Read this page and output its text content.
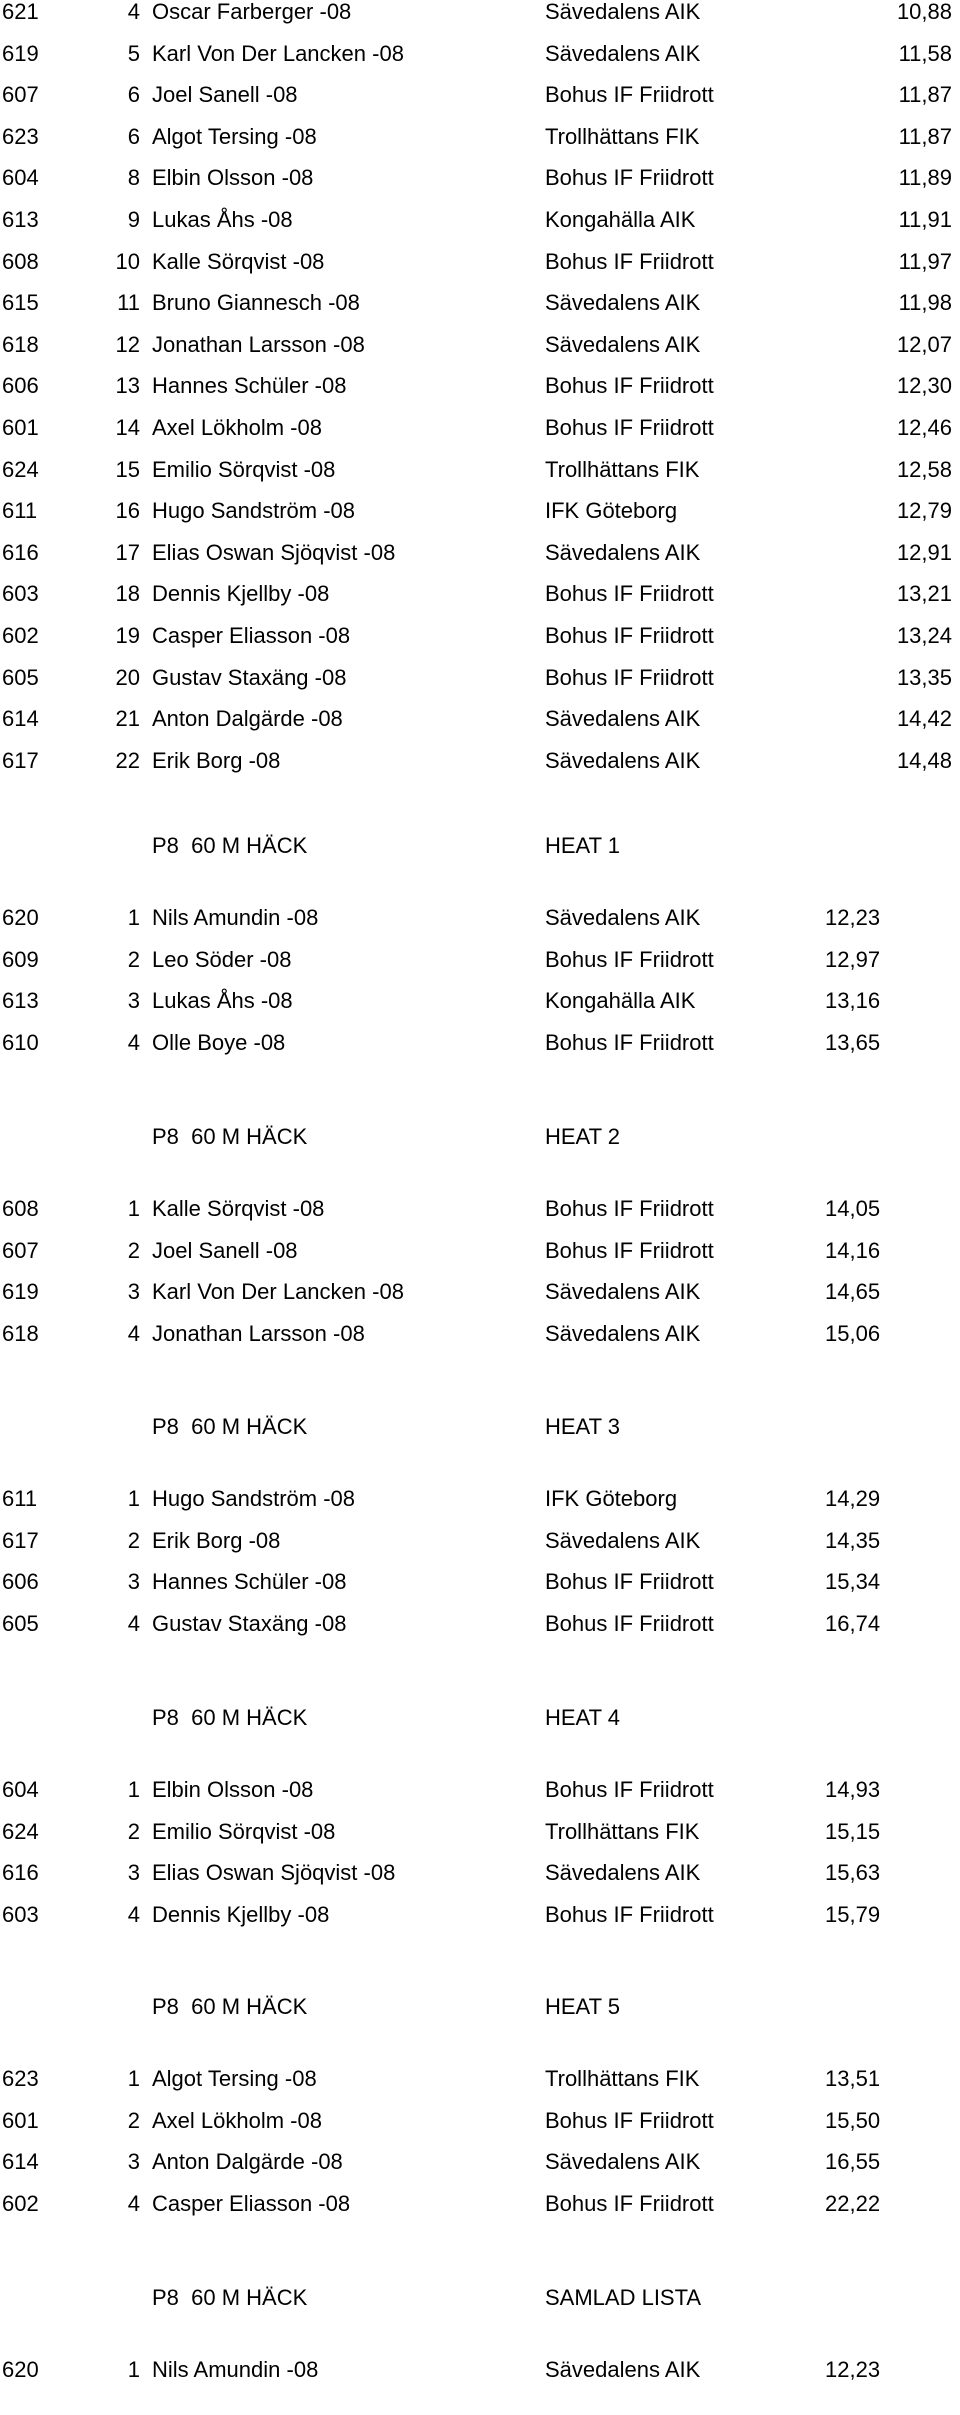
621	4 Oscar Farberger -08	Sävedalens AIK	10,88
619	5 Karl Von Der Lancken -08	Sävedalens AIK	11,58
607	6 Joel Sanell -08	Bohus IF Friidrott	11,87
623	6 Algot Tersing -08	Trollhättans FIK	11,87
604	8 Elbin Olsson -08	Bohus IF Friidrott	11,89
613	9 Lukas Åhs -08	Kongahälla AIK	11,91
608	10 Kalle Sörqvist -08	Bohus IF Friidrott	11,97
615	11 Bruno Giannesch -08	Sävedalens AIK	11,98
618	12 Jonathan Larsson -08	Sävedalens AIK	12,07
606	13 Hannes Schüler -08	Bohus IF Friidrott	12,30
601	14 Axel Lökholm -08	Bohus IF Friidrott	12,46
624	15 Emilio Sörqvist -08	Trollhättans FIK	12,58
611	16 Hugo Sandström -08	IFK Göteborg	12,79
616	17 Elias Oswan Sjöqvist -08	Sävedalens AIK	12,91
603	18 Dennis Kjellby -08	Bohus IF Friidrott	13,21
602	19 Casper Eliasson -08	Bohus IF Friidrott	13,24
605	20 Gustav Staxäng -08	Bohus IF Friidrott	13,35
614	21 Anton Dalgärde -08	Sävedalens AIK	14,42
617	22 Erik Borg -08	Sävedalens AIK	14,48
P8  60 M HÄCK	HEAT 1
620	1 Nils Amundin -08	Sävedalens AIK	12,23
609	2 Leo Söder -08	Bohus IF Friidrott	12,97
613	3 Lukas Åhs -08	Kongahälla AIK	13,16
610	4 Olle Boye -08	Bohus IF Friidrott	13,65
P8  60 M HÄCK	HEAT 2
608	1 Kalle Sörqvist -08	Bohus IF Friidrott	14,05
607	2 Joel Sanell -08	Bohus IF Friidrott	14,16
619	3 Karl Von Der Lancken -08	Sävedalens AIK	14,65
618	4 Jonathan Larsson -08	Sävedalens AIK	15,06
P8  60 M HÄCK	HEAT 3
611	1 Hugo Sandström -08	IFK Göteborg	14,29
617	2 Erik Borg -08	Sävedalens AIK	14,35
606	3 Hannes Schüler -08	Bohus IF Friidrott	15,34
605	4 Gustav Staxäng -08	Bohus IF Friidrott	16,74
P8  60 M HÄCK	HEAT 4
604	1 Elbin Olsson -08	Bohus IF Friidrott	14,93
624	2 Emilio Sörqvist -08	Trollhättans FIK	15,15
616	3 Elias Oswan Sjöqvist -08	Sävedalens AIK	15,63
603	4 Dennis Kjellby -08	Bohus IF Friidrott	15,79
P8  60 M HÄCK	HEAT 5
623	1 Algot Tersing -08	Trollhättans FIK	13,51
601	2 Axel Lökholm -08	Bohus IF Friidrott	15,50
614	3 Anton Dalgärde -08	Sävedalens AIK	16,55
602	4 Casper Eliasson -08	Bohus IF Friidrott	22,22
P8  60 M HÄCK	SAMLAD LISTA
620	1 Nils Amundin -08	Sävedalens AIK	12,23
